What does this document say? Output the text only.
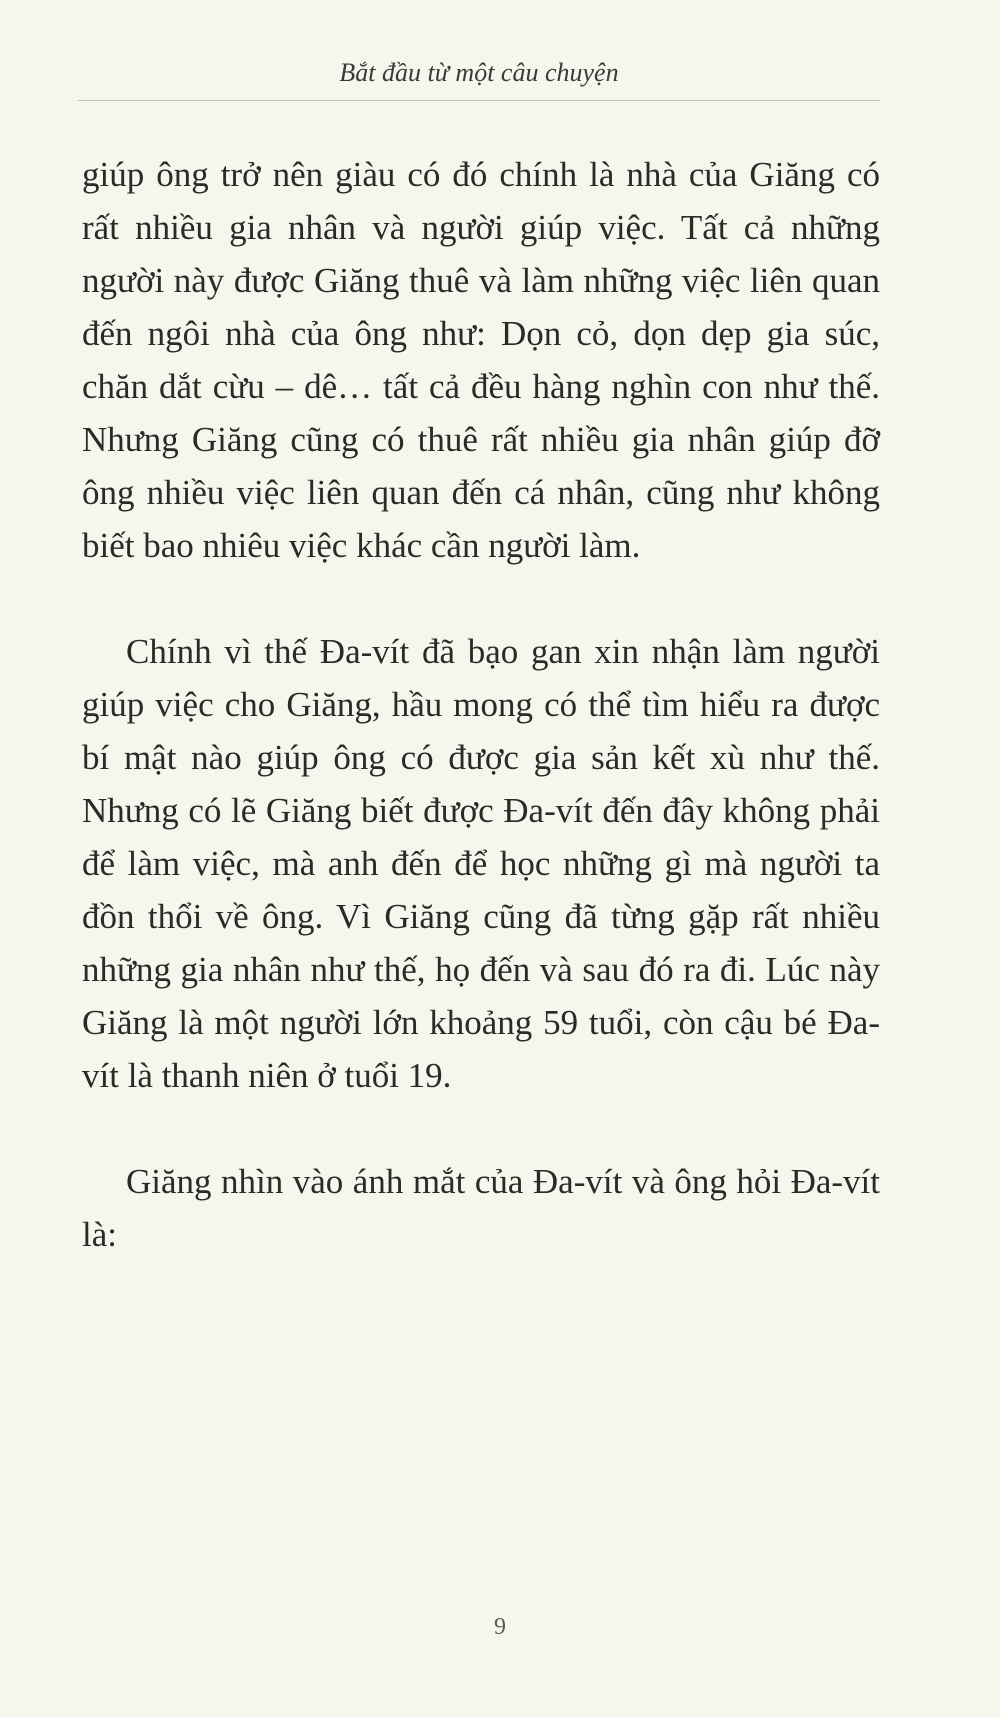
Bắt đầu từ một câu chuyện

giúp ông trở nên giàu có đó chính là nhà của Giăng có rất nhiều gia nhân và người giúp việc. Tất cả những người này được Giăng thuê và làm những việc liên quan đến ngôi nhà của ông như: Dọn cỏ, dọn dẹp gia súc, chăn dắt cừu – dê… tất cả đều hàng nghìn con như thế. Nhưng Giăng cũng có thuê rất nhiều gia nhân giúp đỡ ông nhiều việc liên quan đến cá nhân, cũng như không biết bao nhiêu việc khác cần người làm.

Chính vì thế Đa-vít đã bạo gan xin nhận làm người giúp việc cho Giăng, hầu mong có thể tìm hiểu ra được bí mật nào giúp ông có được gia sản kết xù như thế. Nhưng có lẽ Giăng biết được Đa-vít đến đây không phải để làm việc, mà anh đến để học những gì mà người ta đồn thổi về ông. Vì Giăng cũng đã từng gặp rất nhiều những gia nhân như thế, họ đến và sau đó ra đi. Lúc này Giăng là một người lớn khoảng 59 tuổi, còn cậu bé Đa-vít là thanh niên ở tuổi 19.

Giăng nhìn vào ánh mắt của Đa-vít và ông hỏi Đa-vít là:

9
